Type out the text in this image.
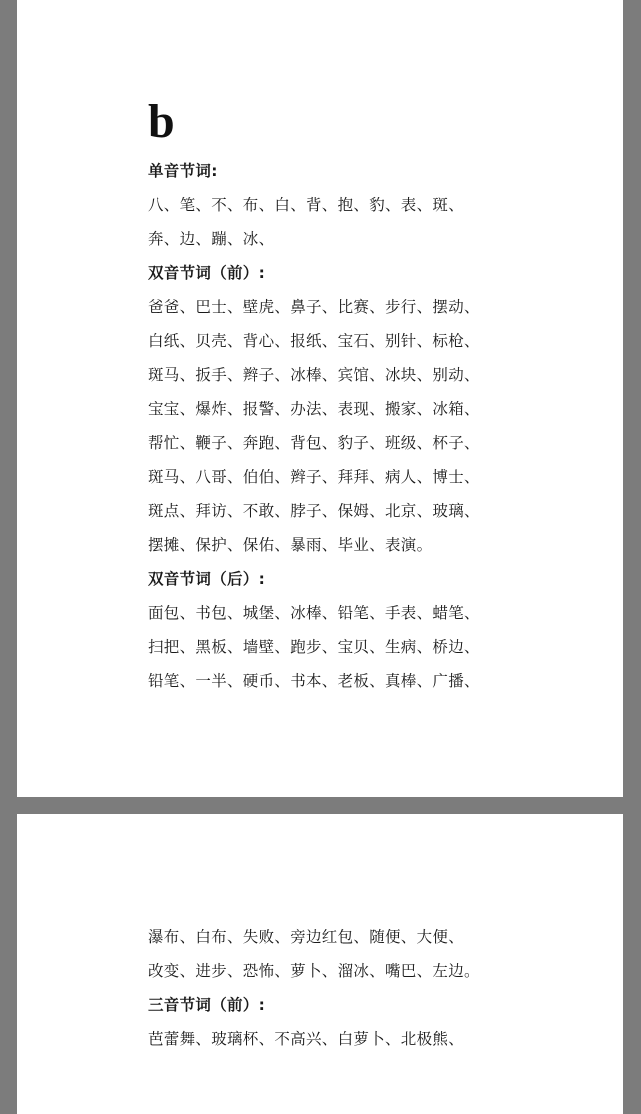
b
单音节词:
八、笔、不、布、白、背、抱、豹、表、斑、
奔、边、蹦、冰、
双音节词（前）:
爸爸、巴士、壁虎、鼻子、比赛、步行、摆动、
白纸、贝壳、背心、报纸、宝石、别针、标枪、
斑马、扳手、辫子、冰棒、宾馆、冰块、别动、
宝宝、爆炸、报警、办法、表现、搬家、冰箱、
帮忙、鞭子、奔跑、背包、豹子、班级、杯子、
斑马、八哥、伯伯、辫子、拜拜、病人、博士、
斑点、拜访、不敢、脖子、保姆、北京、玻璃、
摆摊、保护、保佑、暴雨、毕业、表演。
双音节词（后）:
面包、书包、城堡、冰棒、铅笔、手表、蜡笔、
扫把、黑板、墙壁、跑步、宝贝、生病、桥边、
铅笔、一半、硬币、书本、老板、真棒、广播、
瀑布、白布、失败、旁边红包、随便、大便、
改变、进步、恐怖、萝卜、溜冰、嘴巴、左边。
三音节词（前）:
芭蕾舞、玻璃杯、不高兴、白萝卜、北极熊、
